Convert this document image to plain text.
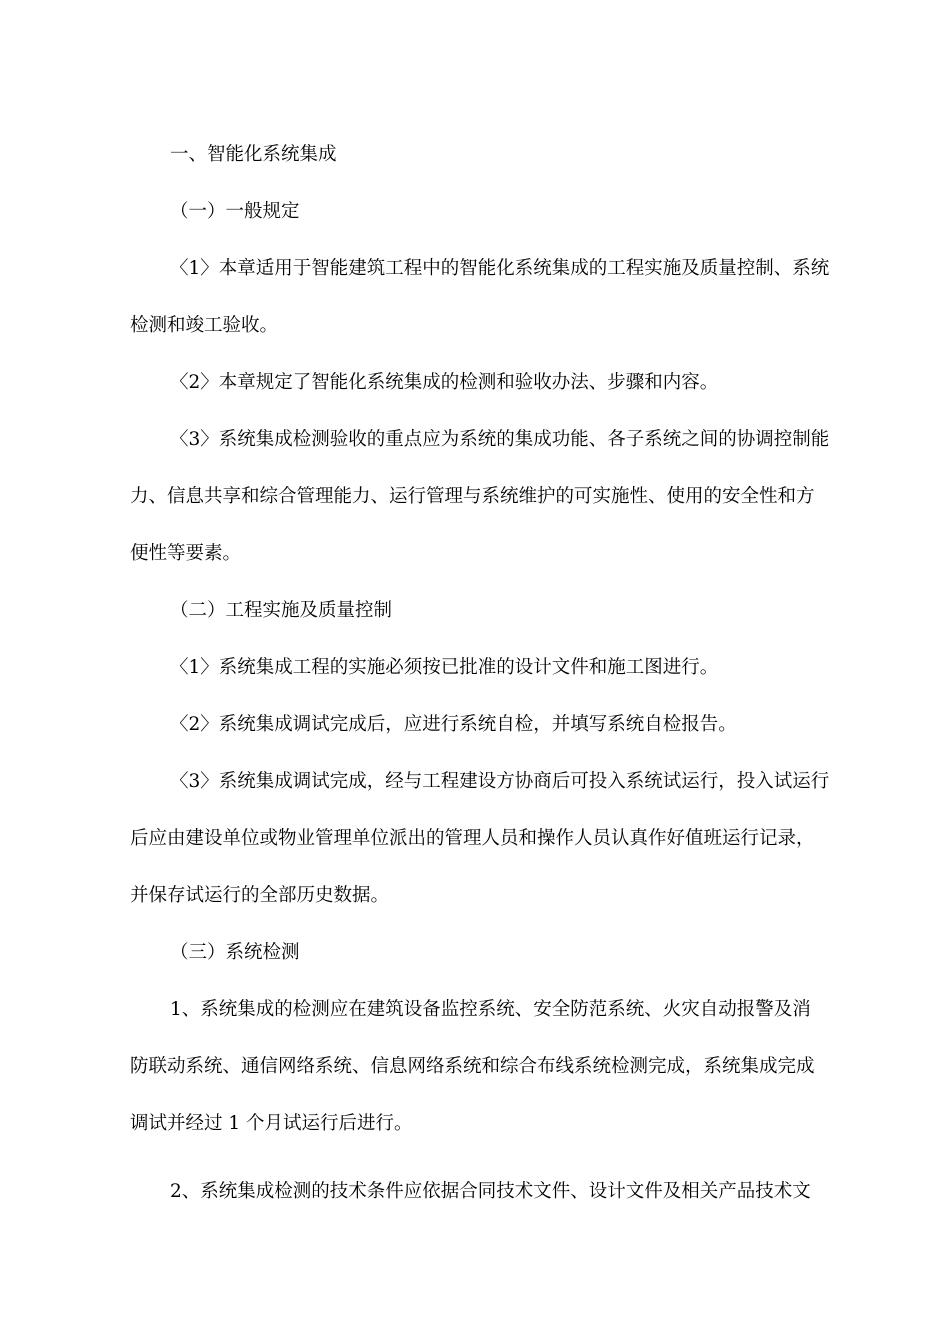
一、智能化系统集成
（一）一般规定
〈1〉本章适用于智能建筑工程中的智能化系统集成的工程实施及质量控制、系统
检测和竣工验收。
〈2〉本章规定了智能化系统集成的检测和验收办法、步骤和内容。
〈3〉系统集成检测验收的重点应为系统的集成功能、各子系统之间的协调控制能
力、信息共享和综合管理能力、运行管理与系统维护的可实施性、使用的安全性和方
便性等要素。
（二）工程实施及质量控制
〈1〉系统集成工程的实施必须按已批准的设计文件和施工图进行。
〈2〉系统集成调试完成后，应进行系统自检，并填写系统自检报告。
〈3〉系统集成调试完成，经与工程建设方协商后可投入系统试运行，投入试运行
后应由建设单位或物业管理单位派出的管理人员和操作人员认真作好值班运行记录，
并保存试运行的全部历史数据。
（三）系统检测
1、系统集成的检测应在建筑设备监控系统、安全防范系统、火灾自动报警及消
防联动系统、通信网络系统、信息网络系统和综合布线系统检测完成，系统集成完成
调试并经过 1 个月试运行后进行。
2、系统集成检测的技术条件应依据合同技术文件、设计文件及相关产品技术文
